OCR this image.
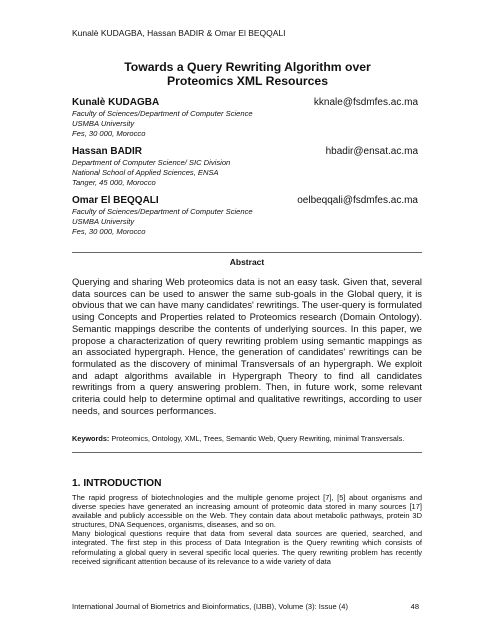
Kunalè KUDAGBA, Hassan BADIR & Omar El BEQQALI
Towards a Query Rewriting Algorithm over
Proteomics XML Resources
Kunalè KUDAGBA	kknale@fsdmfes.ac.ma
Faculty of Sciences/Department of Computer Science
USMBA University
Fes, 30 000, Morocco
Hassan BADIR	hbadir@ensat.ac.ma
Department of Computer Science/ SIC Division
National School of Applied Sciences, ENSA
Tanger, 45 000, Morocco
Omar El BEQQALI	oelbeqqali@fsdmfes.ac.ma
Faculty of Sciences/Department of Computer Science
USMBA University
Fes, 30 000, Morocco
Abstract
Querying and sharing Web proteomics data is not an easy task. Given that, several data sources can be used to answer the same sub-goals in the Global query, it is obvious that we can have many candidates' rewritings. The user-query is formulated using Concepts and Properties related to Proteomics research (Domain Ontology). Semantic mappings describe the contents of underlying sources. In this paper, we propose a characterization of query rewriting problem using semantic mappings as an associated hypergraph. Hence, the generation of candidates' rewritings can be formulated as the discovery of minimal Transversals of an hypergraph. We exploit and adapt algorithms available in Hypergraph Theory to find all candidates rewritings from a query answering problem. Then, in future work, some relevant criteria could help to determine optimal and qualitative rewritings, according to user needs, and sources performances.
Keywords: Proteomics, Ontology, XML, Trees, Semantic Web, Query Rewriting, minimal Transversals.
1. INTRODUCTION

The rapid progress of biotechnologies and the multiple genome project [7], [5] about organisms and diverse species have generated an increasing amount of proteomic data stored in many sources [17] available and publicly accessible on the Web. They contain data about metabolic pathways, protein 3D structures, DNA Sequences, organisms, diseases, and so on.

Many biological questions require that data from several data sources are queried, searched, and integrated. The first step in this process of Data Integration is the Query rewriting which consists of reformulating a global query in several specific local queries. The query rewriting problem has recently received significant attention because of its relevance to a wide variety of data

International Journal of Biometrics and Bioinformatics, (IJBB), Volume (3): Issue (4)	48
